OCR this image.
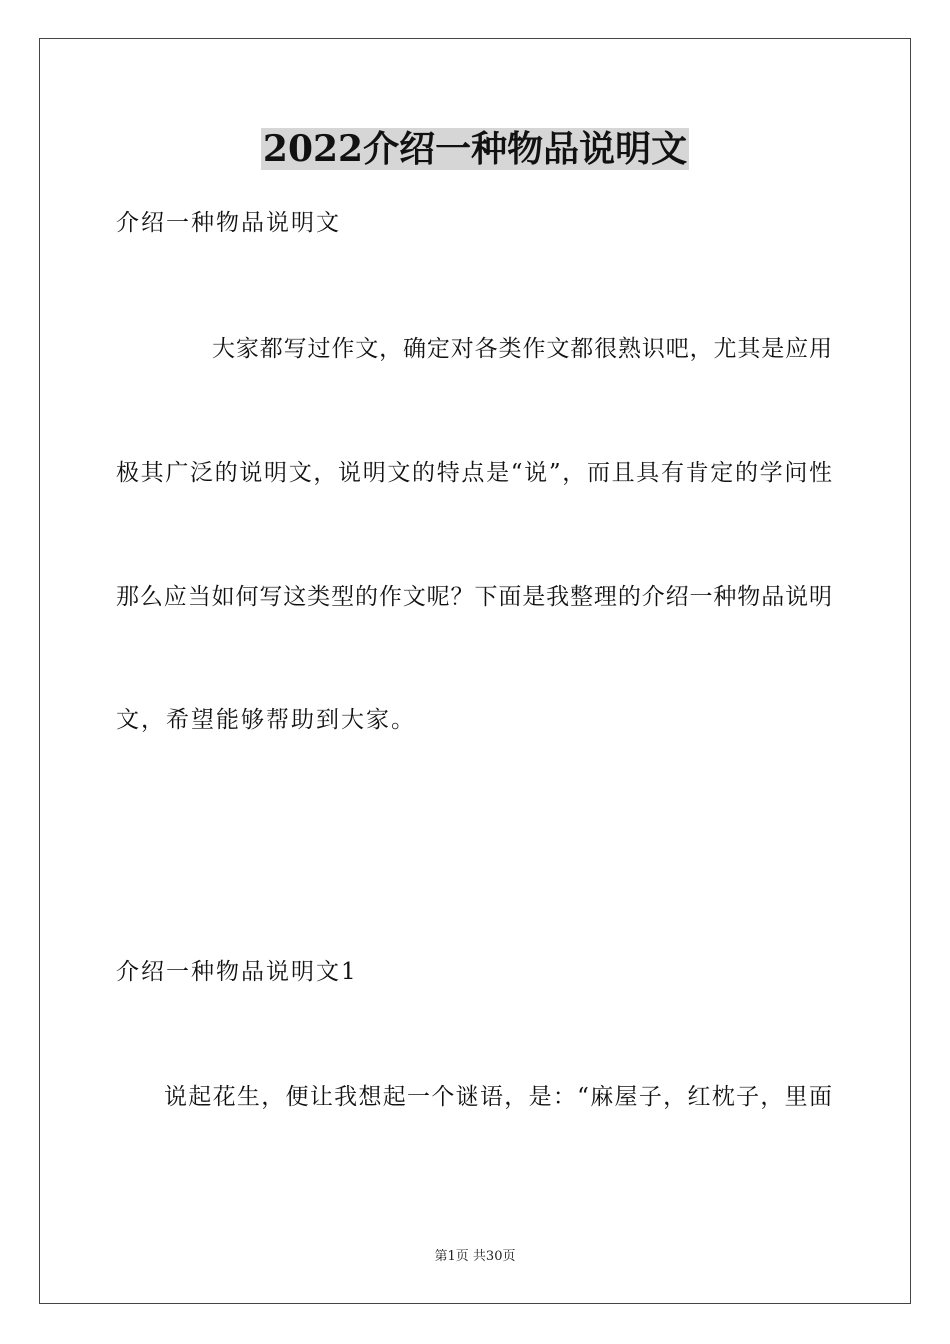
2022介绍一种物品说明文
介绍一种物品说明文
大家都写过作文，确定对各类作文都很熟识吧，尤其是应用
极其广泛的说明文，说明文的特点是“说”，而且具有肯定的学问性
那么应当如何写这类型的作文呢？下面是我整理的介绍一种物品说明
文，希望能够帮助到大家。
介绍一种物品说明文1
说起花生，便让我想起一个谜语，是：“麻屋子，红枕子，里面
第1页 共30页
